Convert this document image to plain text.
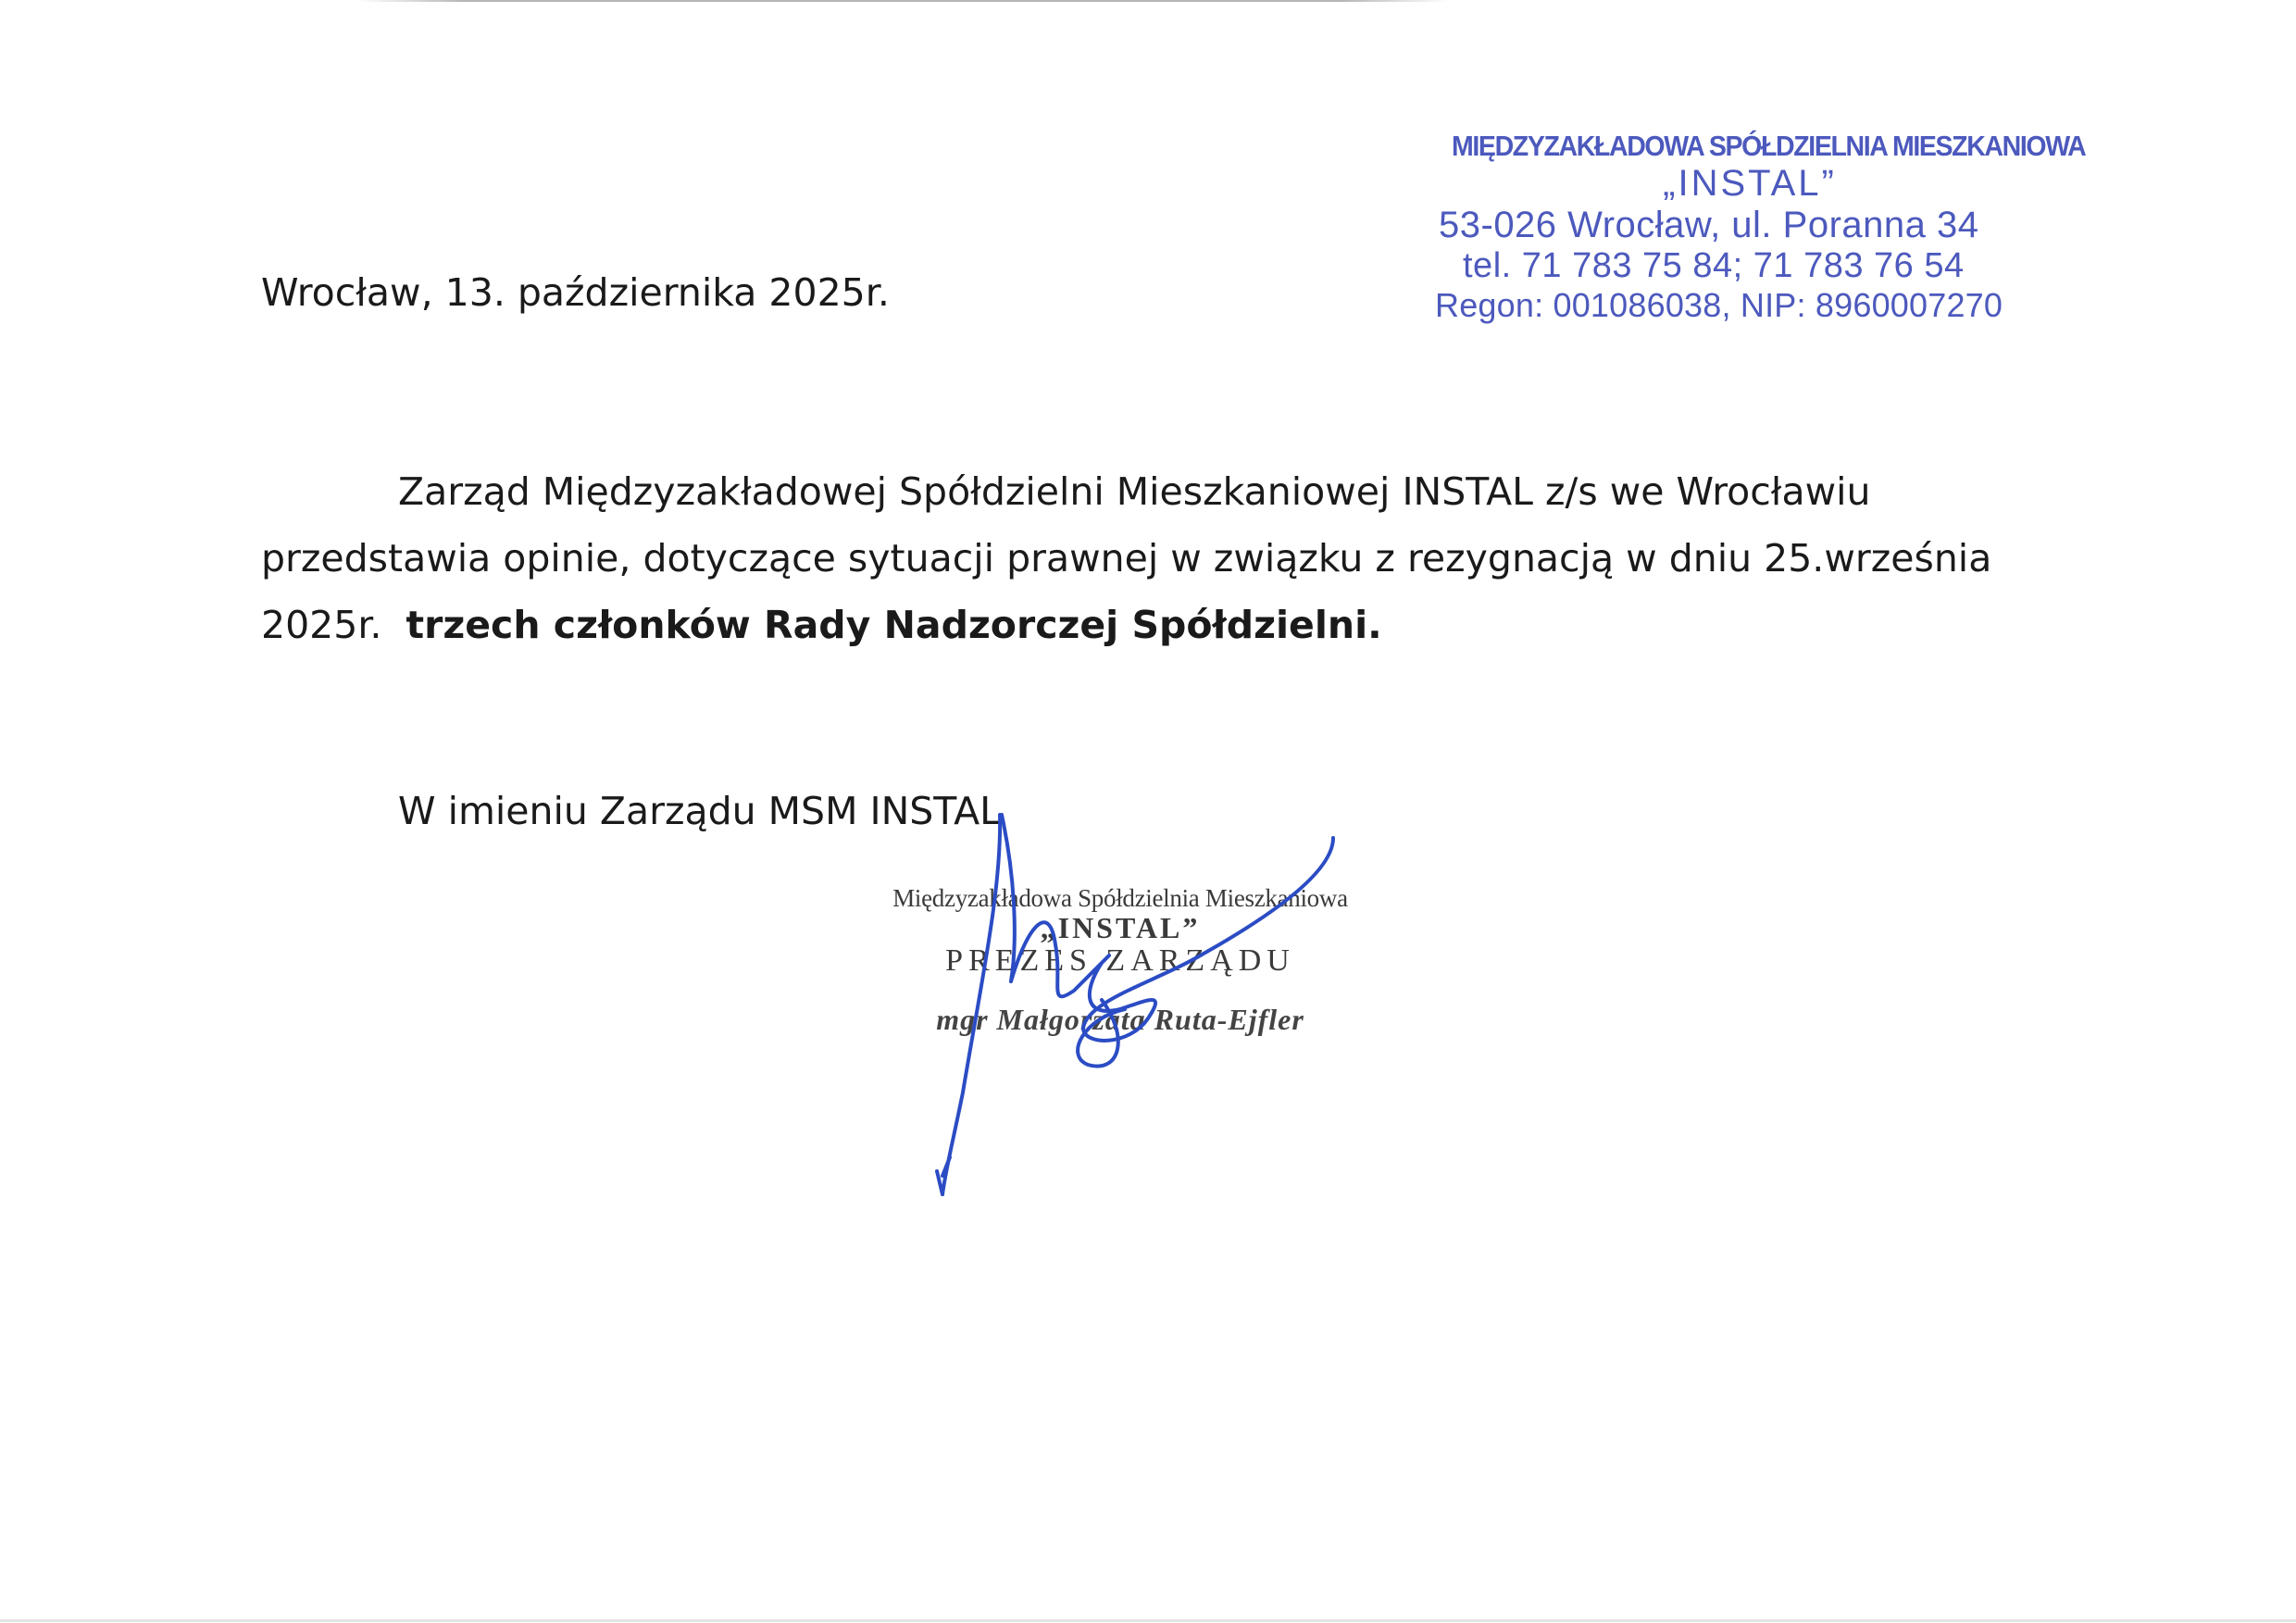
MIĘDZYZAKŁADOWA SPÓŁDZIELNIA MIESZKANIOWA
„INSTAL”
53-026 Wrocław, ul. Poranna 34
tel. 71 783 75 84; 71 783 76 54
Regon: 001086038, NIP: 8960007270
Wrocław, 13. października 2025r.
Zarząd Międzyzakładowej Spółdzielni Mieszkaniowej INSTAL z/s we Wrocławiu
przedstawia opinie, dotyczące sytuacji prawnej w związku z rezygnacją w dniu 25.września
2025r. trzech członków Rady Nadzorczej Spółdzielni.
W imieniu Zarządu MSM INSTAL
Międzyzakładowa Spółdzielnia Mieszkaniowa
„INSTAL”
PREZES ZARZĄDU
mgr Małgorzata Ruta-Ejfler
